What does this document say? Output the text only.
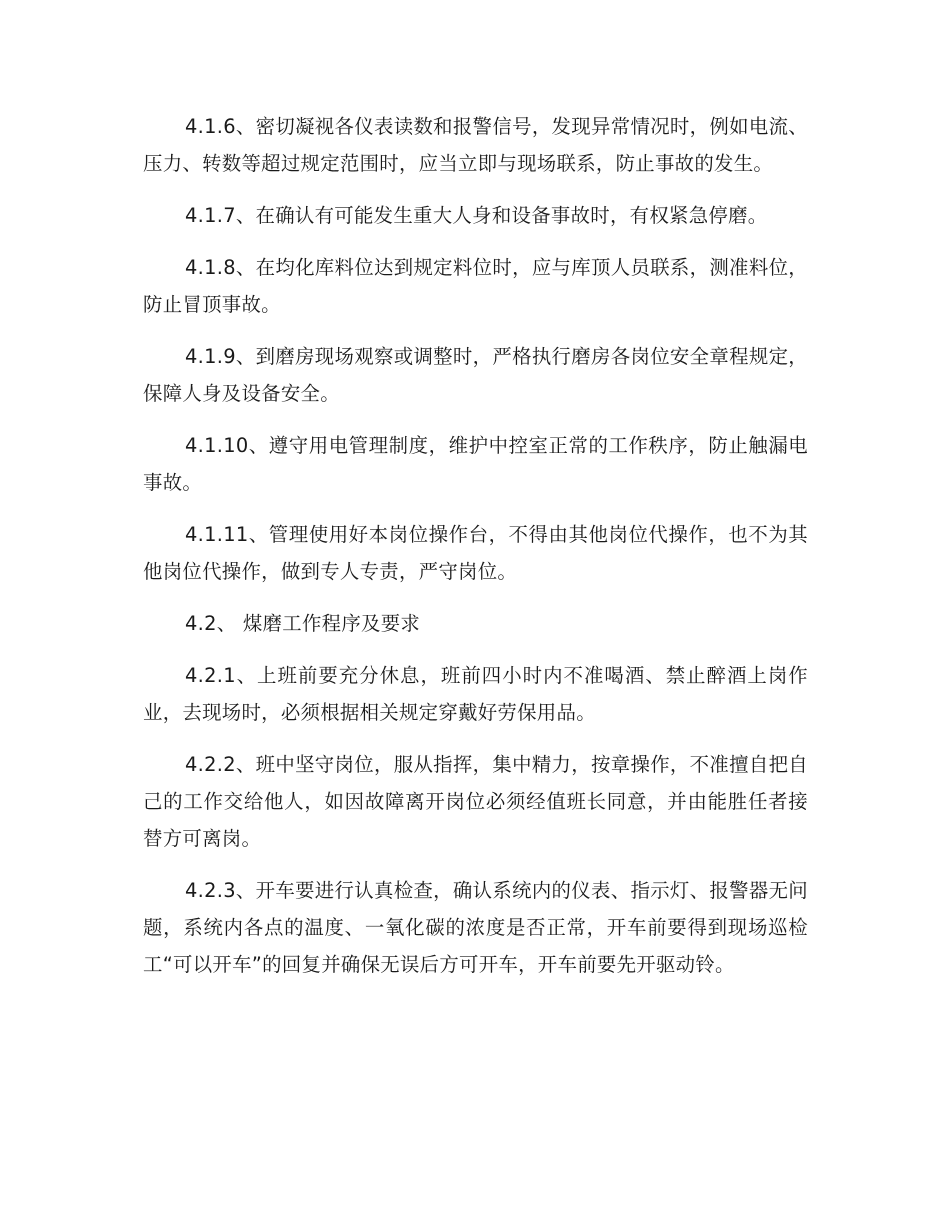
4.1.6、密切凝视各仪表读数和报警信号，发现异常情况时，例如电流、压力、转数等超过规定范围时，应当立即与现场联系，防止事故的发生。

4.1.7、在确认有可能发生重大人身和设备事故时，有权紧急停磨。

4.1.8、在均化库料位达到规定料位时，应与库顶人员联系，测准料位，防止冒顶事故。

4.1.9、到磨房现场观察或调整时，严格执行磨房各岗位安全章程规定，保障人身及设备安全。

4.1.10、遵守用电管理制度，维护中控室正常的工作秩序，防止触漏电事故。

4.1.11、管理使用好本岗位操作台，不得由其他岗位代操作，也不为其他岗位代操作，做到专人专责，严守岗位。

4.2、 煤磨工作程序及要求

4.2.1、上班前要充分休息，班前四小时内不准喝酒、禁止醉酒上岗作业，去现场时，必须根据相关规定穿戴好劳保用品。

4.2.2、班中坚守岗位，服从指挥，集中精力，按章操作，不准擅自把自己的工作交给他人，如因故障离开岗位必须经值班长同意，并由能胜任者接替方可离岗。

4.2.3、开车要进行认真检查，确认系统内的仪表、指示灯、报警器无问题，系统内各点的温度、一氧化碳的浓度是否正常，开车前要得到现场巡检工“可以开车”的回复并确保无误后方可开车，开车前要先开驱动铃。
